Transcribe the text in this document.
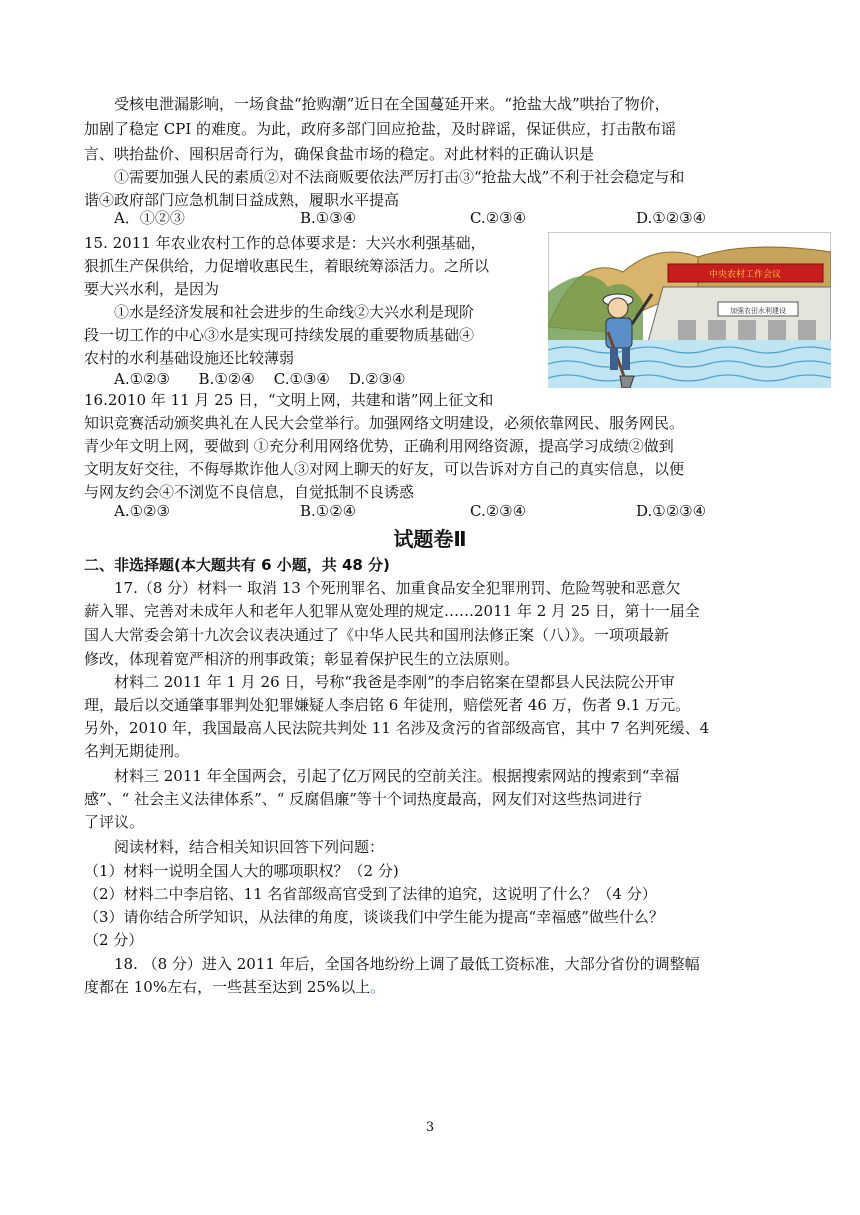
受核电泄漏影响，一场食盐“抢购潮”近日在全国蔓延开来。“抢盐大战”哄抬了物价，
加剧了稳定 CPI 的难度。为此，政府多部门回应抢盐，及时辟谣，保证供应，打击散布谣
言、哄抬盐价、囤积居奇行为，确保食盐市场的稳定。对此材料的正确认识是
①需要加强人民的素质②对不法商贩要依法严厉打击③“抢盐大战”不利于社会稳定与和
谐④政府部门应急机制日益成熟，履职水平提高
A．①②③	B.①③④	C.②③④	D.①②③④
15. 2011 年农业农村工作的总体要求是：大兴水利强基础，
狠抓生产保供给，力促增收惠民生，着眼统筹添活力。之所以
要大兴水利，是因为
①水是经济发展和社会进步的生命线②大兴水利是现阶
段一切工作的中心③水是实现可持续发展的重要物质基础④
农村的水利基础设施还比较薄弱
A.①②③      B.①②④    C.①③④    D.②③④
中央农村工作会议
加强农田水利建设
16.2010 年 11 月 25 日，“文明上网，共建和谐”网上征文和
知识竞赛活动颁奖典礼在人民大会堂举行。加强网络文明建设，必须依靠网民、服务网民。
青少年文明上网，要做到 ①充分利用网络优势，正确利用网络资源，提高学习成绩②做到
文明友好交往，不侮辱欺诈他人③对网上聊天的好友，可以告诉对方自己的真实信息，以便
与网友约会④不浏览不良信息，自觉抵制不良诱惑
A.①②③	B.①②④	C.②③④	D.①②③④
试题卷Ⅱ
二、非选择题(本大题共有 6 小题，共 48 分)
17.（8 分）材料一 取消 13 个死刑罪名、加重食品安全犯罪刑罚、危险驾驶和恶意欠
薪入罪、完善对未成年人和老年人犯罪从宽处理的规定……2011 年 2 月 25 日，第十一届全
国人大常委会第十九次会议表决通过了《中华人民共和国刑法修正案（八）》。一项项最新
修改，体现着宽严相济的刑事政策；彰显着保护民生的立法原则。
材料二 2011 年 1 月 26 日，号称“我爸是李刚”的李启铭案在望都县人民法院公开审
理，最后以交通肇事罪判处犯罪嫌疑人李启铭 6 年徒刑，赔偿死者 46 万，伤者 9.1 万元。
另外，2010 年，我国最高人民法院共判处 11 名涉及贪污的省部级高官，其中 7 名判死缓、4
名判无期徒刑。
材料三 2011 年全国两会，引起了亿万网民的空前关注。根据搜索网站的搜索到“幸福
感”、“ 社会主义法律体系”、“ 反腐倡廉”等十个词热度最高，网友们对这些热词进行
了评议。
阅读材料，结合相关知识回答下列问题：
（1）材料一说明全国人大的哪项职权？（2 分)
（2）材料二中李启铭、11 名省部级高官受到了法律的追究，这说明了什么？（4 分）
（3）请你结合所学知识，从法律的角度，谈谈我们中学生能为提高“幸福感”做些什么？
（2 分）
18. （8 分）进入 2011 年后，全国各地纷纷上调了最低工资标准，大部分省份的调整幅
度都在 10%左右，一些甚至达到 25%以上。
3
